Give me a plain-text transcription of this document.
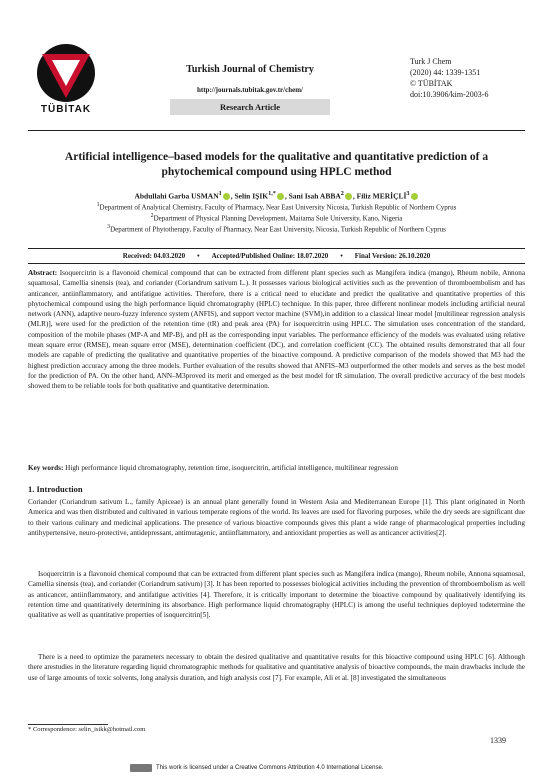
TÜBİTAK
Turkish Journal of Chemistry
http://journals.tubitak.gov.tr/chem/
Research Article
Turk J Chem
(2020) 44: 1339-1351
© TÜBİTAK
doi:10.3906/kim-2003-6
Artificial intelligence–based models for the qualitative and quantitative prediction of a phytochemical compound using HPLC method
Abdullahi Garba USMAN$^1$ , Selin $IŞIK^{1,*}$ , Sani Isah ABBA$^2$ , Filiz MERİÇLİ$^3$
$^1$Department of Analytical Chemistry, Faculty of Pharmacy, Near East University Nicosia, Turkish Republic of Northern Cyprus
$^2$Department of Physical Planning Development, Maitama Sule University, Kano, Nigeria
$^3$Department of Phytotherapy, Faculty of Pharmacy, Near East University, Nicosia, Turkish Republic of Northern Cyprus
Received: 04.03.2020 • Accepted/Published Online: 18.07.2020 • Final Version: 26.10.2020
Abstract: Isoquercitrin is a flavonoid chemical compound that can be extracted from different plant species such as Mangifera indica (mango), Rheum nobile, Annona squamosal, Camellia sinensis (tea), and coriander (Coriandrum sativum L.). It possesses various biological activities such as the prevention of thromboembolism and has anticancer, antiinflammatory, and antifatigue activities. Therefore, there is a critical need to elucidate and predict the qualitative and quantitative properties of this phytochemical compound using the high performance liquid chromatography (HPLC) technique. In this paper, three different nonlinear models including artificial neural network (ANN), adaptive neuro-fuzzy inference system (ANFIS), and support vector machine (SVM),in addition to a classical linear model [multilinear regression analysis (MLR)], were used for the prediction of the retention time (tR) and peak area (PA) for isoquercitrin using HPLC. The simulation uses concentration of the standard, composition of the mobile phases (MP-A and MP-B), and pH as the corresponding input variables. The performance efficiency of the models was evaluated using relative mean square error (RMSE), mean square error (MSE), determination coefficient (DC), and correlation coefficient (CC). The obtained results demonstrated that all four models are capable of predicting the qualitative and quantitative properties of the bioactive compound. A predictive comparison of the models showed that M3 had the highest prediction accuracy among the three models. Further evaluation of the results showed that ANFIS–M3 outperformed the other models and serves as the best model for the prediction of PA. On the other hand, ANN–M3proved its merit and emerged as the best model for tR simulation. The overall predictive accuracy of the best models showed them to be reliable tools for both qualitative and quantitative determination.
Key words: High performance liquid chromatography, retention time, isoquercitrin, artificial intelligence, multilinear regression
1. Introduction
Coriander (Coriandrum sativum L., family Apiceae) is an annual plant generally found in Western Asia and Mediterranean Europe [1]. This plant originated in North America and was then distributed and cultivated in various temperate regions of the world. Its leaves are used for flavoring purposes, while the dry seeds are significant due to their various culinary and medicinal applications. The presence of various bioactive compounds gives this plant a wide range of pharmacological properties including antihypertensive, neuro-protective, antidepressant, antimutagenic, antiinflammatory, and antioxidant properties as well as anticancer activities[2].
Isoquercitrin is a flavonoid chemical compound that can be extracted from different plant species such as Mangifera indica (mango), Rheum nobile, Annona squamosal, Camellia sinensis (tea), and coriander (Coriandrum sativum) [3]. It has been reported to possesses biological activities including the prevention of thromboembolism as well as anticancer, antiinflammatory, and antifatigue activities [4]. Therefore, it is critically important to determine the bioactive compound by qualitatively identifying its retention time and quantitatively determining its absorbance. High performance liquid chromatography (HPLC) is among the useful techniques deployed todetermine the qualitative as well as quantitative properties of isoquercitrin[5].
There is a need to optimize the parameters necessary to obtain the desired qualitative and quantitative results for this bioactive compound using HPLC [6]. Although there arestudies in the literature regarding liquid chromatographic methods for qualitative and quantitative analysis of bioactive compounds, the main drawbacks include the use of large amounts of toxic solvents, long analysis duration, and high analysis cost [7]. For example, Ali et al. [8] investigated the simultaneous
* Correspondence: selin_isikk@hotmail.com
1339
This work is licensed under a Creative Commons Attribution 4.0 International License.
